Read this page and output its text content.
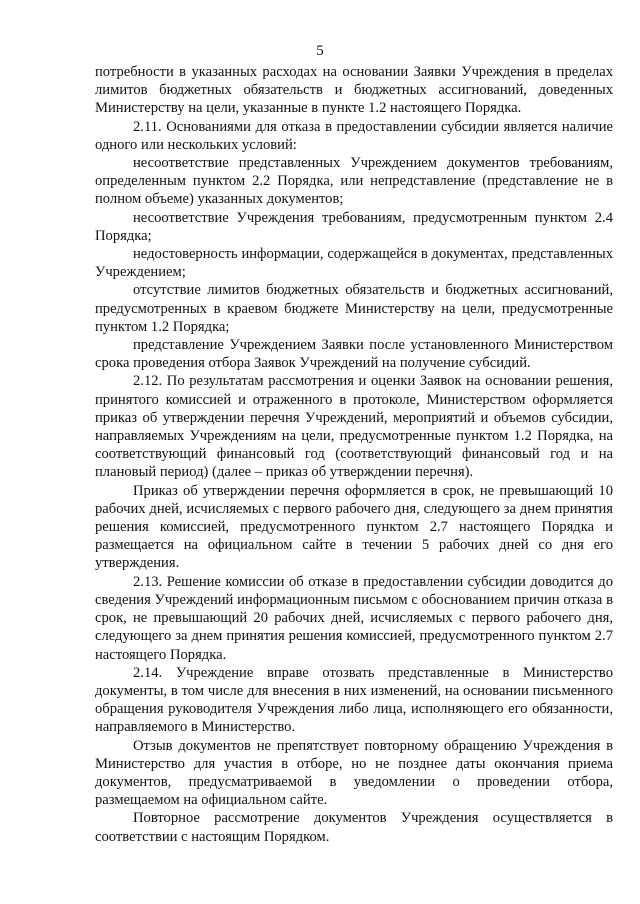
5

потребности в указанных расходах на основании Заявки Учреждения в пределах лимитов бюджетных обязательств и бюджетных ассигнований, доведенных Министерству на цели, указанные в пункте 1.2 настоящего Порядка.

2.11. Основаниями для отказа в предоставлении субсидии является наличие одного или нескольких условий:

несоответствие представленных Учреждением документов требованиям, определенным пунктом 2.2 Порядка, или непредставление (представление не в полном объеме) указанных документов;

несоответствие Учреждения требованиям, предусмотренным пунктом 2.4 Порядка;

недостоверность информации, содержащейся в документах, представленных Учреждением;

отсутствие лимитов бюджетных обязательств и бюджетных ассигнований, предусмотренных в краевом бюджете Министерству на цели, предусмотренные пунктом 1.2 Порядка;

представление Учреждением Заявки после установленного Министерством срока проведения отбора Заявок Учреждений на получение субсидий.

2.12. По результатам рассмотрения и оценки Заявок на основании решения, принятого комиссией и отраженного в протоколе, Министерством оформляется приказ об утверждении перечня Учреждений, мероприятий и объемов субсидии, направляемых Учреждениям на цели, предусмотренные пунктом 1.2 Порядка, на соответствующий финансовый год (соответствующий финансовый год и на плановый период) (далее – приказ об утверждении перечня).

Приказ об утверждении перечня оформляется в срок, не превышающий 10 рабочих дней, исчисляемых с первого рабочего дня, следующего за днем принятия решения комиссией, предусмотренного пунктом 2.7 настоящего Порядка и размещается на официальном сайте в течении 5 рабочих дней со дня его утверждения.

2.13. Решение комиссии об отказе в предоставлении субсидии доводится до сведения Учреждений информационным письмом с обоснованием причин отказа в срок, не превышающий 20 рабочих дней, исчисляемых с первого рабочего дня, следующего за днем принятия решения комиссией, предусмотренного пунктом 2.7 настоящего Порядка.

2.14. Учреждение вправе отозвать представленные в Министерство документы, в том числе для внесения в них изменений, на основании письменного обращения руководителя Учреждения либо лица, исполняющего его обязанности, направляемого в Министерство.

Отзыв документов не препятствует повторному обращению Учреждения в Министерство для участия в отборе, но не позднее даты окончания приема документов, предусматриваемой в уведомлении о проведении отбора, размещаемом на официальном сайте.

Повторное рассмотрение документов Учреждения осуществляется в соответствии с настоящим Порядком.
